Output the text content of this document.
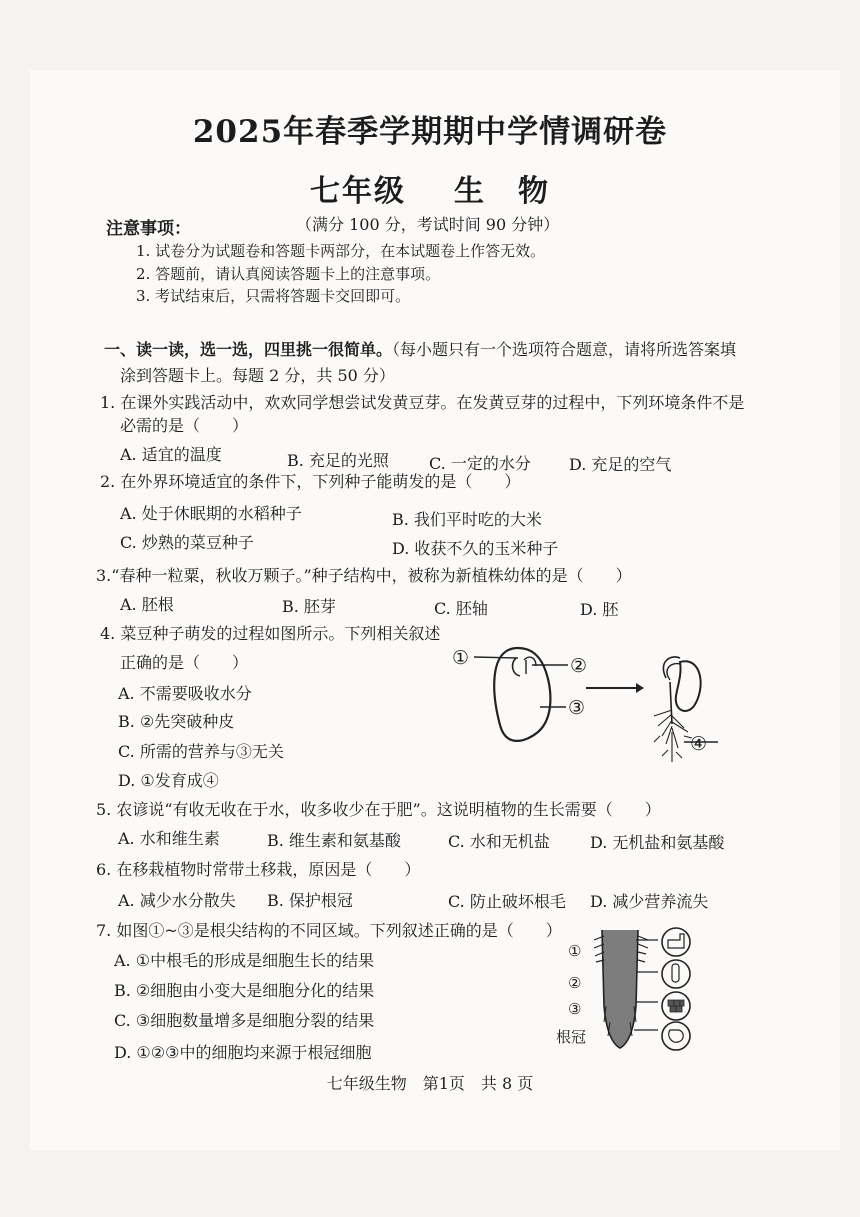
2025年春季学期期中学情调研卷
七年级 生　物
注意事项：	（满分 100 分，考试时间 90 分钟）
1. 试卷分为试题卷和答题卡两部分，在本试题卷上作答无效。
2. 答题前，请认真阅读答题卡上的注意事项。
3. 考试结束后，只需将答题卡交回即可。
一、读一读，选一选，四里挑一很简单。（每小题只有一个选项符合题意，请将所选答案填
涂到答题卡上。每题 2 分，共 50 分）
1. 在课外实践活动中，欢欢同学想尝试发黄豆芽。在发黄豆芽的过程中，下列环境条件不是
必需的是（　　）
A. 适宜的温度	B. 充足的光照	C. 一定的水分 D. 充足的空气
2. 在外界环境适宜的条件下，下列种子能萌发的是（　　）
A. 处于休眠期的水稻种子	B. 我们平时吃的大米
C. 炒熟的菜豆种子	D. 收获不久的玉米种子
3.“春种一粒粟，秋收万颗子。”种子结构中，被称为新植株幼体的是（　　）
A. 胚根	B. 胚芽	C. 胚轴	D. 胚
4. 菜豆种子萌发的过程如图所示。下列相关叙述
正确的是（　　）
A. 不需要吸收水分
B. ②先突破种皮
C. 所需的营养与③无关
D. ①发育成④
①	②
③
④
5. 农谚说“有收无收在于水，收多收少在于肥”。这说明植物的生长需要（　　）
A. 水和维生素	B. 维生素和氨基酸	C. 水和无机盐	D. 无机盐和氨基酸
6. 在移栽植物时常带土移栽，原因是（　　）
A. 减少水分散失 B. 保护根冠	C. 防止破坏根毛 D. 减少营养流失
7. 如图①~③是根尖结构的不同区域。下列叙述正确的是（　　）
A. ①中根毛的形成是细胞生长的结果
B. ②细胞由小变大是细胞分化的结果
C. ③细胞数量增多是细胞分裂的结果
D. ①②③中的细胞均来源于根冠细胞
①
②
③
根冠
七年级生物　第1页　共 8 页
